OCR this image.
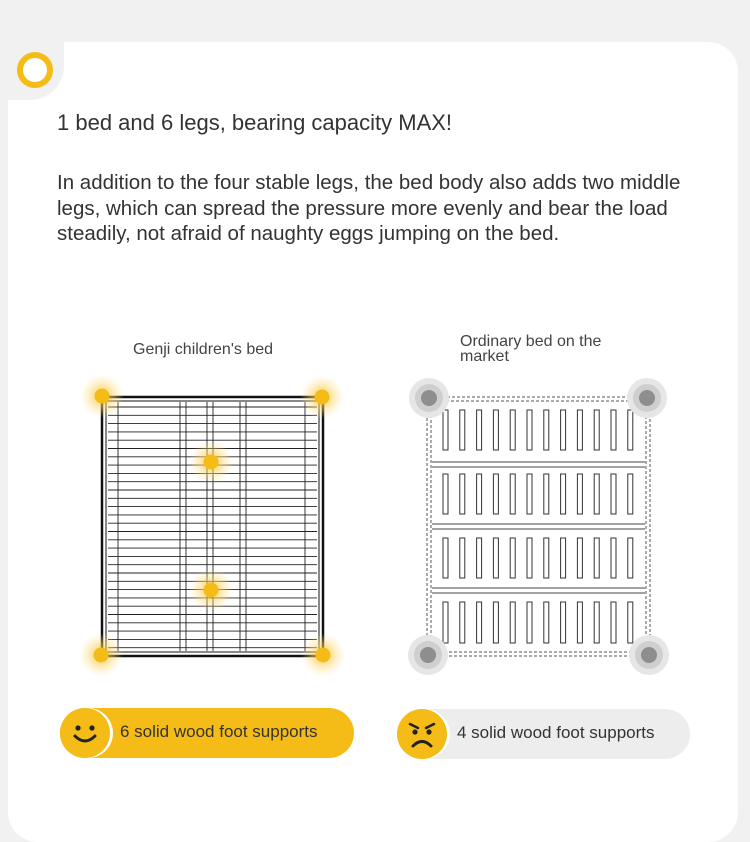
1 bed and 6 legs, bearing capacity MAX!

In addition to the four stable legs, the bed body also adds two middle legs, which can spread the pressure more evenly and bear the load steadily, not afraid of naughty eggs jumping on the bed.

Genji children's bed	Ordinary bed on the market
6 solid wood foot supports	4 solid wood foot supports
